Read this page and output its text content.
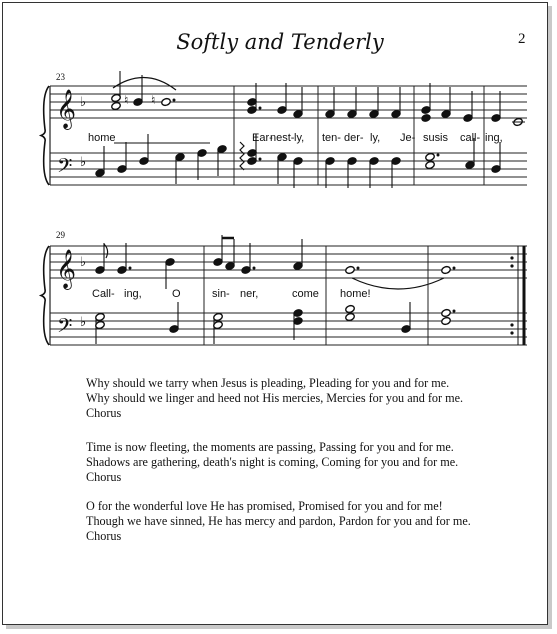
Softly and Tenderly	2
23
𝄞
𝄢
♭
♭
♮ ♮
home	Ear-
nest- ly, ten- der- ly, Je- sus is call- ing,
29
𝄞
𝄢
♭
♭
Call- ing,	O	sin- ner,	come home!
Why should we tarry when Jesus is pleading, Pleading for you and for me.
Why should we linger and heed not His mercies, Mercies for you and for me.
Chorus
Time is now fleeting, the moments are passing, Passing for you and for me.
Shadows are gathering, death's night is coming, Coming for you and for me.
Chorus
O for the wonderful love He has promised, Promised for you and for me!
Though we have sinned, He has mercy and pardon, Pardon for you and for me.
Chorus
